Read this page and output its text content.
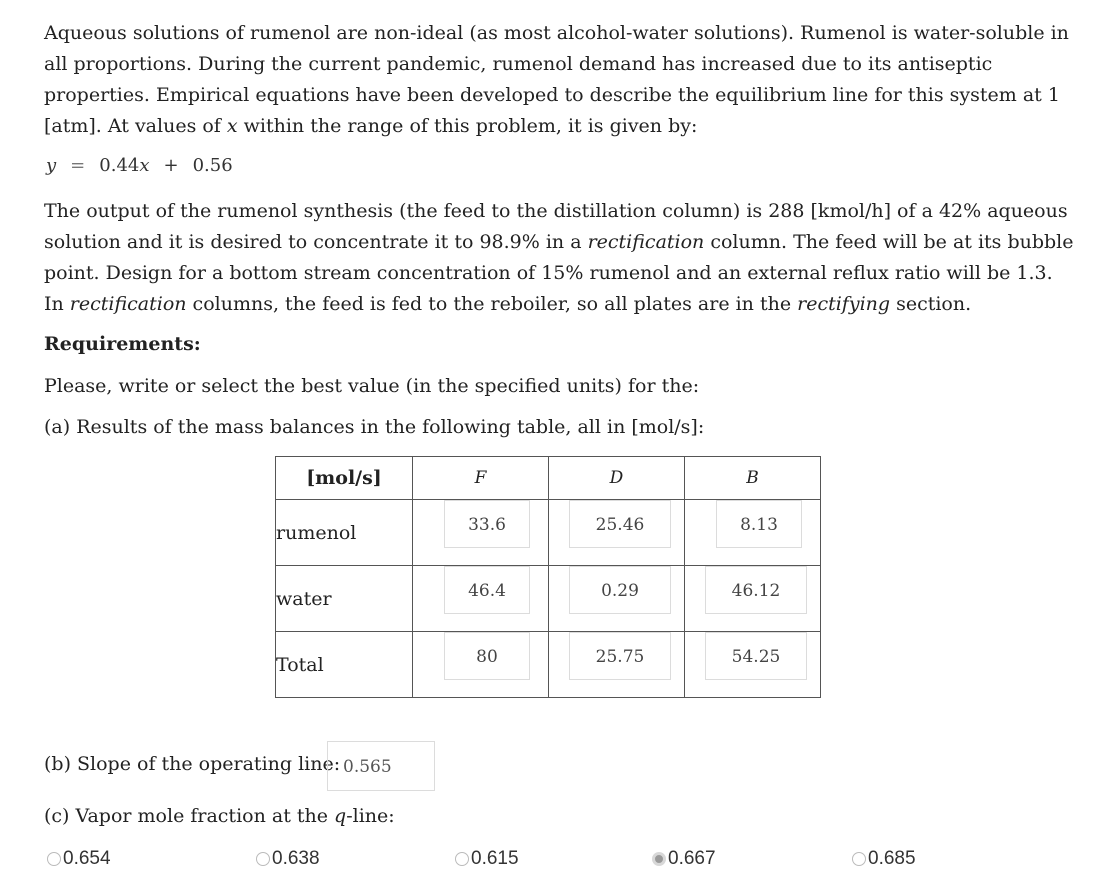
Aqueous solutions of rumenol are non-ideal (as most alcohol-water solutions). Rumenol is water-soluble in all proportions. During the current pandemic, rumenol demand has increased due to its antiseptic properties. Empirical equations have been developed to describe the equilibrium line for this system at 1 [atm]. At values of x within the range of this problem, it is given by:

y = 0.44x + 0.56

The output of the rumenol synthesis (the feed to the distillation column) is 288 [kmol/h] of a 42% aqueous solution and it is desired to concentrate it to 98.9% in a rectification column. The feed will be at its bubble point. Design for a bottom stream concentration of 15% rumenol and an external reflux ratio will be 1.3. In rectification columns, the feed is fed to the reboiler, so all plates are in the rectifying section.

Requirements:
Please, write or select the best value (in the specified units) for the:
(a) Results of the mass balances in the following table, all in [mol/s]:
[mol/s]	F	D	B
rumenol	33.6	25.46	8.13

water	46.4	0.29	46.12

Total	80	25.75	54.25
(b) Slope of the operating line: 0.565
(c) Vapor mole fraction at the q-line:
0.654	0.638	0.615	0.667	0.685
